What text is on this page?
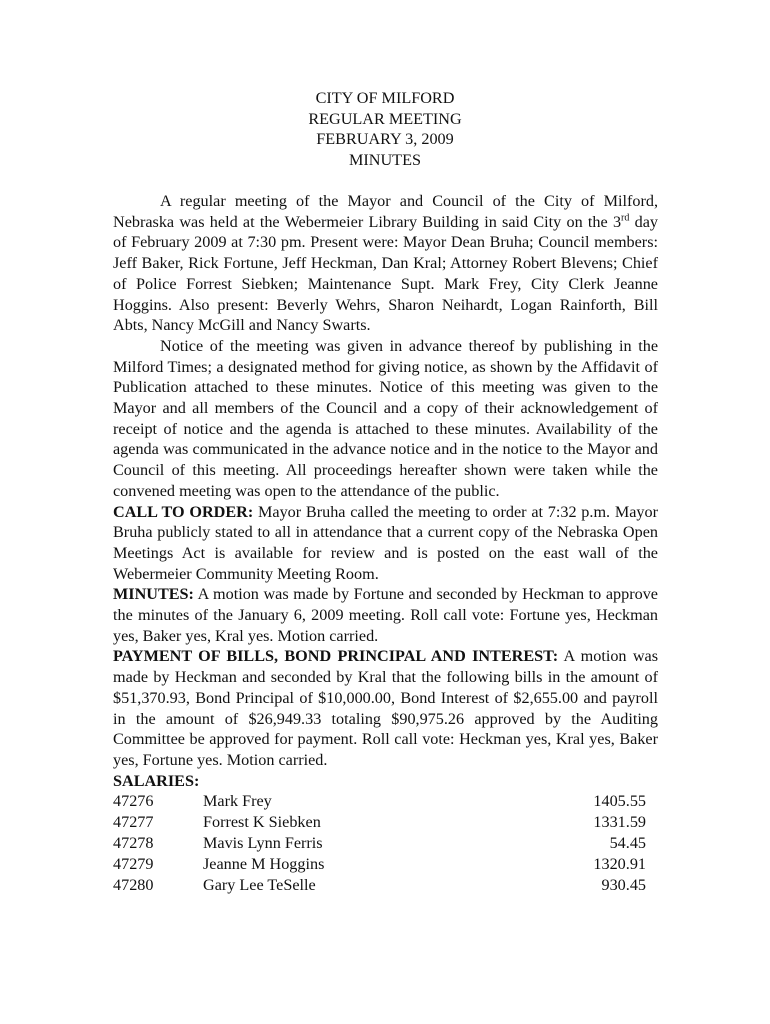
CITY OF MILFORD
REGULAR MEETING
FEBRUARY 3, 2009
MINUTES

A regular meeting of the Mayor and Council of the City of Milford, Nebraska was held at the Webermeier Library Building in said City on the 3rd day of February 2009 at 7:30 pm. Present were: Mayor Dean Bruha; Council members: Jeff Baker, Rick Fortune, Jeff Heckman, Dan Kral; Attorney Robert Blevens; Chief of Police Forrest Siebken; Maintenance Supt. Mark Frey, City Clerk Jeanne Hoggins. Also present: Beverly Wehrs, Sharon Neihardt, Logan Rainforth, Bill Abts, Nancy McGill and Nancy Swarts.

Notice of the meeting was given in advance thereof by publishing in the Milford Times; a designated method for giving notice, as shown by the Affidavit of Publication attached to these minutes. Notice of this meeting was given to the Mayor and all members of the Council and a copy of their acknowledgement of receipt of notice and the agenda is attached to these minutes. Availability of the agenda was communicated in the advance notice and in the notice to the Mayor and Council of this meeting. All proceedings hereafter shown were taken while the convened meeting was open to the attendance of the public.

CALL TO ORDER: Mayor Bruha called the meeting to order at 7:32 p.m. Mayor Bruha publicly stated to all in attendance that a current copy of the Nebraska Open Meetings Act is available for review and is posted on the east wall of the Webermeier Community Meeting Room.

MINUTES: A motion was made by Fortune and seconded by Heckman to approve the minutes of the January 6, 2009 meeting. Roll call vote: Fortune yes, Heckman yes, Baker yes, Kral yes. Motion carried.

PAYMENT OF BILLS, BOND PRINCIPAL AND INTEREST: A motion was made by Heckman and seconded by Kral that the following bills in the amount of $51,370.93, Bond Principal of $10,000.00, Bond Interest of $2,655.00 and payroll in the amount of $26,949.33 totaling $90,975.26 approved by the Auditing Committee be approved for payment. Roll call vote: Heckman yes, Kral yes, Baker yes, Fortune yes. Motion carried.

SALARIES:

47276	Mark Frey	1405.55
47277	Forrest K Siebken	1331.59
47278	Mavis Lynn Ferris	54.45
47279	Jeanne M Hoggins	1320.91
47280	Gary Lee TeSelle	930.45
